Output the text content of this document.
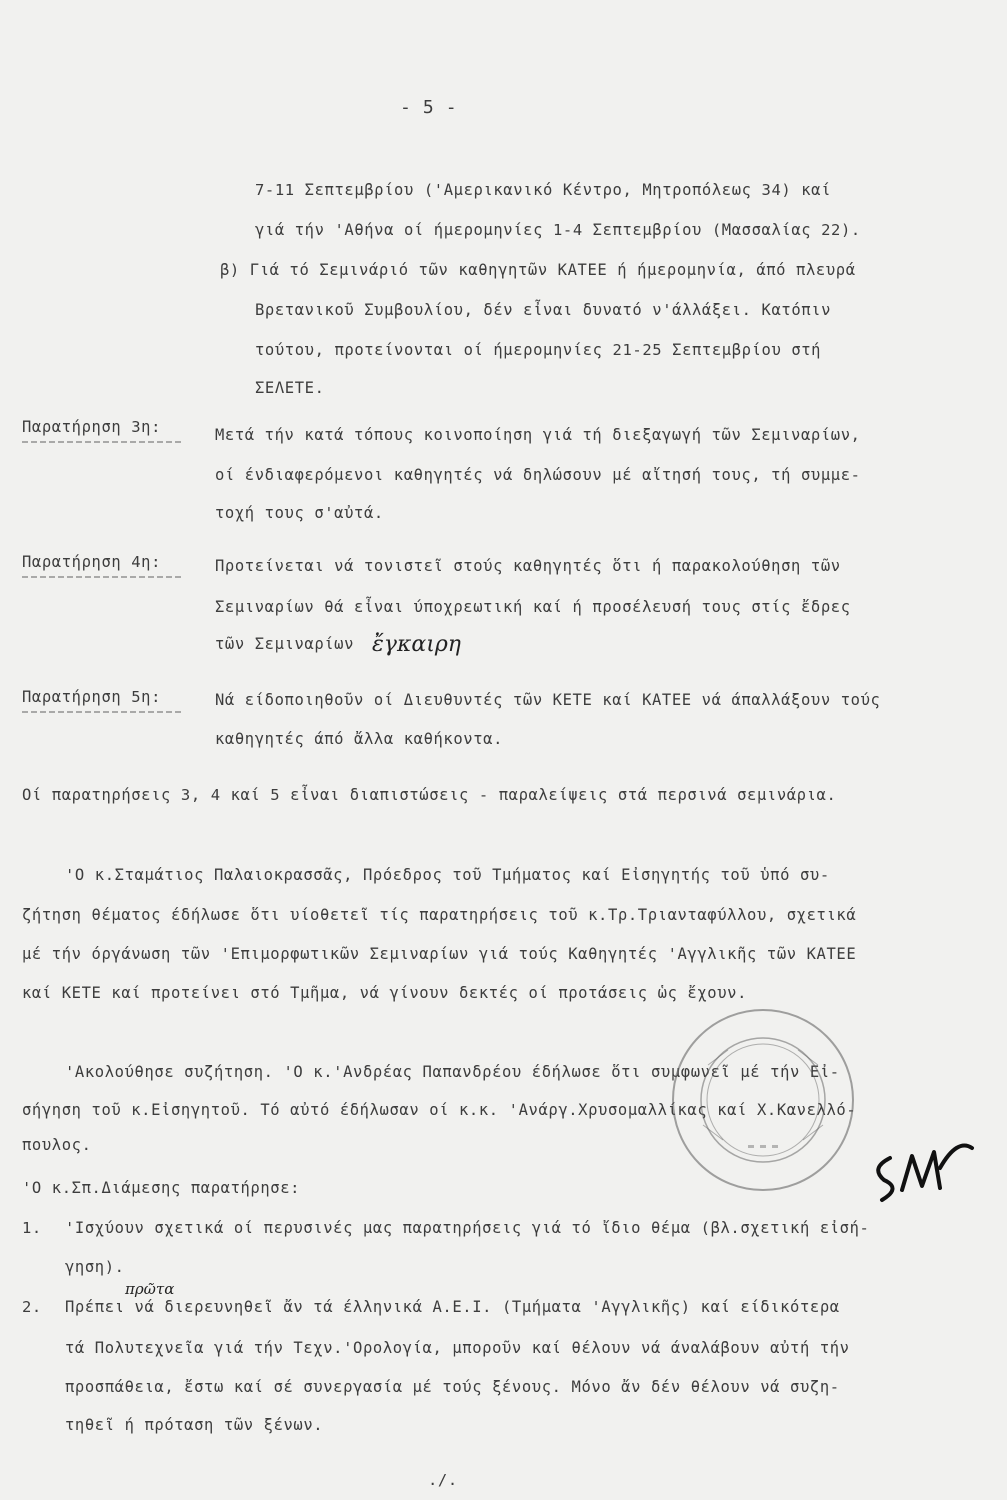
- 5 -
7-11 Σεπτεμβρίου ('Αμερικανικό Κέντρο, Μητροπόλεως 34) καί
γιά τήν 'Αθήνα οί ήμερομηνίες 1-4 Σεπτεμβρίου (Μασσαλίας 22).
β) Γιά τό Σεμινάριό τῶν καθηγητῶν ΚΑΤΕΕ ή ήμερομηνία, άπό πλευρά
Βρετανικοῦ Συμβουλίου, δέν εἶναι δυνατό ν'άλλάξει. Κατόπιν
τούτου, προτείνονται οί ήμερομηνίες 21-25 Σεπτεμβρίου στή
ΣΕΛΕΤΕ.
Παρατήρηση 3η:	Μετά τήν κατά τόπους κοινοποίηση γιά τή διεξαγωγή τῶν Σεμιναρίων,
οί ένδιαφερόμενοι καθηγητές νά δηλώσουν μέ αἴτησή τους, τή συμμε-
τοχή τους σ'αὐτά.
Παρατήρηση 4η:	Προτείνεται νά τονιστεῖ στούς καθηγητές ὅτι ή παρακολούθηση τῶν
Σεμιναρίων θά εἶναι ύποχρεωτική καί ή προσέλευσή τους στίς ἔδρες
τῶν Σεμιναρίων ἔγκαιρη
Παρατήρηση 5η:	Νά είδοποιηθοῦν οί Διευθυντές τῶν ΚΕΤΕ καί ΚΑΤΕΕ νά άπαλλάξουν τούς
καθηγητές άπό ἄλλα καθήκοντα.
Οί παρατηρήσεις 3, 4 καί 5 εἶναι διαπιστώσεις - παραλείψεις στά περσινά σεμινάρια.
'Ο κ.Σταμάτιος Παλαιοκρασσᾶς, Πρόεδρος τοῦ Τμήματος καί Εἰσηγητής τοῦ ὑπό συ-
ζήτηση θέματος έδήλωσε ὅτι υίοθετεῖ τίς παρατηρήσεις τοῦ κ.Τρ.Τριανταφύλλου, σχετικά
μέ τήν όργάνωση τῶν 'Επιμορφωτικῶν Σεμιναρίων γιά τούς Καθηγητές 'Αγγλικῆς τῶν ΚΑΤΕΕ
καί ΚΕΤΕ καί προτείνει στό Τμῆμα, νά γίνουν δεκτές οί προτάσεις ὡς ἔχουν.
'Ακολούθησε συζήτηση. 'Ο κ.'Ανδρέας Παπανδρέου έδήλωσε ὅτι συμφωνεῖ μέ τήν Εἰ-
σήγηση τοῦ κ.Εἰσηγητοῦ. Τό αὐτό έδήλωσαν οί κ.κ. 'Ανάργ.Χρυσομαλλίκας καί Χ.Κανελλό-
πουλος.
'Ο κ.Σπ.Διάμεσης παρατήρησε:
1. 'Ισχύουν σχετικά οί περυσινές μας παρατηρήσεις γιά τό ἴδιο θέμα (βλ.σχετική εἰσή-
γηση).
πρῶτα
2. Πρέπει νά διερευνηθεῖ ἄν τά έλληνικά Α.Ε.Ι. (Τμήματα 'Αγγλικῆς) καί είδικότερα
τά Πολυτεχνεῖα γιά τήν Τεχν.'Ορολογία, μποροῦν καί θέλουν νά άναλάβουν αὐτή τήν
προσπάθεια, ἔστω καί σέ συνεργασία μέ τούς ξένους. Μόνο ἄν δέν θέλουν νά συζη-
τηθεῖ ή πρόταση τῶν ξένων.
./.
